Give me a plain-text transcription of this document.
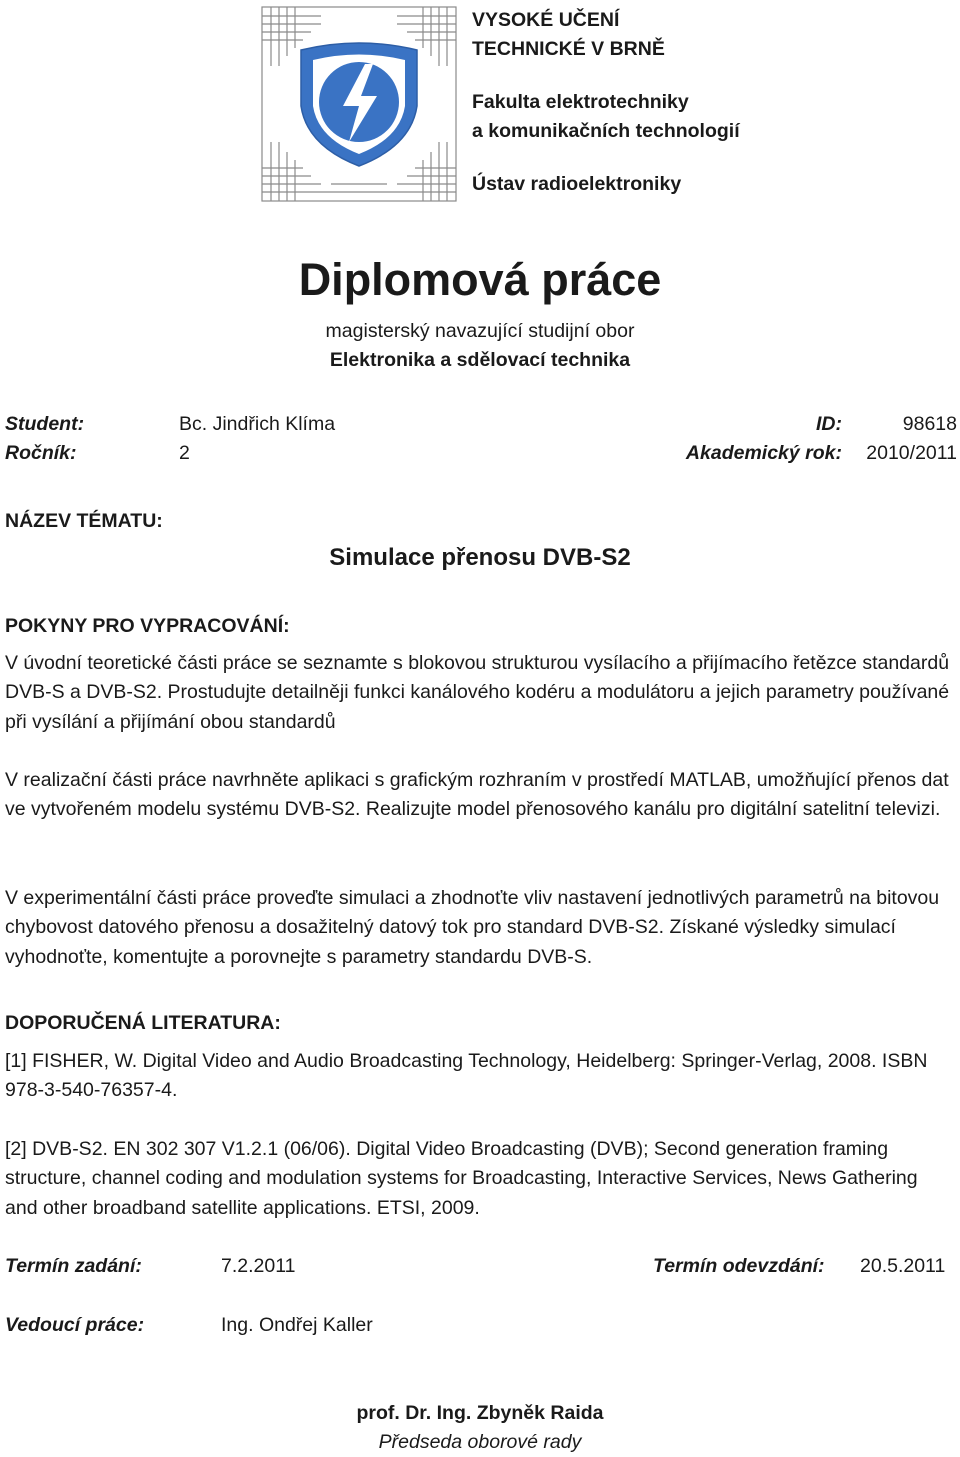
VYSOKÉ UČENÍ
TECHNICKÉ V BRNĚ
Fakulta elektrotechniky
a komunikačních technologií
Ústav radioelektroniky
Diplomová práce
magisterský navazující studijní obor
Elektronika a sdělovací technika
Student:	Bc. Jindřich Klíma	ID:	98618
Ročník:	2	Akademický rok: 2010/2011
NÁZEV TÉMATU:
Simulace přenosu DVB-S2
POKYNY PRO VYPRACOVÁNÍ:

V úvodní teoretické části práce se seznamte s blokovou strukturou vysílacího a přijímacího řetězce standardů DVB-S a DVB-S2. Prostudujte detailněji funkci kanálového kodéru a modulátoru a jejich parametry používané při vysílání a přijímání obou standardů

V realizační části práce navrhněte aplikaci s grafickým rozhraním v prostředí MATLAB, umožňující přenos dat ve vytvořeném modelu systému DVB-S2. Realizujte model přenosového kanálu pro digitální satelitní televizi.

V experimentální části práce proveďte simulaci a zhodnoťte vliv nastavení jednotlivých parametrů na bitovou chybovost datového přenosu a dosažitelný datový tok pro standard DVB-S2. Získané výsledky simulací vyhodnoťte, komentujte a porovnejte s parametry standardu DVB-S.

DOPORUČENÁ LITERATURA:

[1] FISHER, W. Digital Video and Audio Broadcasting Technology, Heidelberg: Springer-Verlag, 2008. ISBN 978-3-540-76357-4.

[2] DVB-S2. EN 302 307 V1.2.1 (06/06). Digital Video Broadcasting (DVB); Second generation framing structure, channel coding and modulation systems for Broadcasting, Interactive Services, News Gathering and other broadband satellite applications. ETSI, 2009.

Termín zadání:	7.2.2011	Termín odevzdání: 20.5.2011
Vedoucí práce:	Ing. Ondřej Kaller
prof. Dr. Ing. Zbyněk Raida
Předseda oborové rady
